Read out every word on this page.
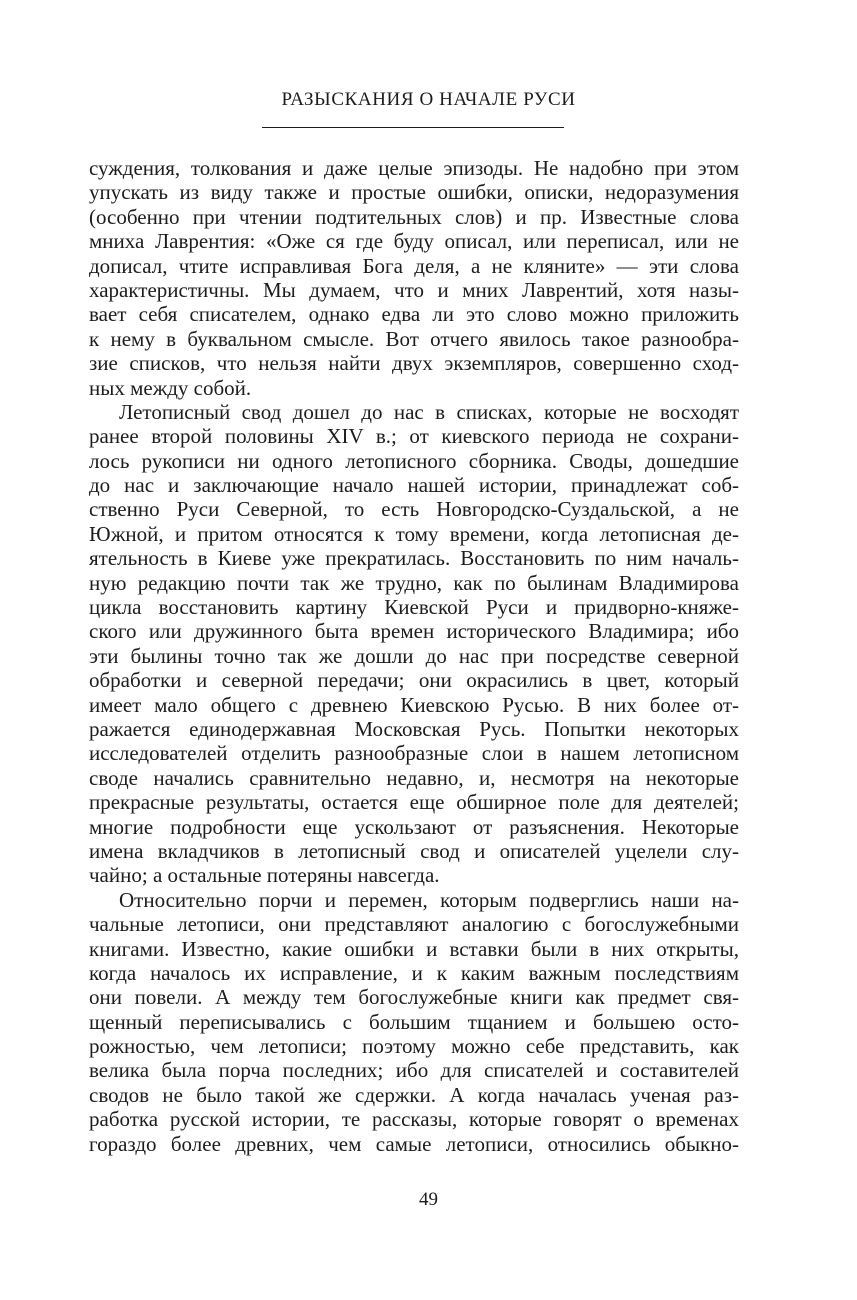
РАЗЫСКАНИЯ О НАЧАЛЕ РУСИ
суждения, толкования и даже целые эпизоды. Не надобно при этом
упускать из виду также и простые ошибки, описки, недоразумения
(особенно при чтении подтительных слов) и пр. Известные слова
мниха Лаврентия: «Оже ся где буду описал, или переписал, или не
дописал, чтите исправливая Бога деля, а не кляните» — эти слова
характеристичны. Мы думаем, что и мних Лаврентий, хотя назы-
вает себя списателем, однако едва ли это слово можно приложить
к нему в буквальном смысле. Вот отчего явилось такое разнообра-
зие списков, что нельзя найти двух экземпляров, совершенно сход-
ных между собой.
Летописный свод дошел до нас в списках, которые не восходят
ранее второй половины XIV в.; от киевского периода не сохрани-
лось рукописи ни одного летописного сборника. Своды, дошедшие
до нас и заключающие начало нашей истории, принадлежат соб-
ственно Руси Северной, то есть Новгородско-Суздальской, а не
Южной, и притом относятся к тому времени, когда летописная де-
ятельность в Киеве уже прекратилась. Восстановить по ним началь-
ную редакцию почти так же трудно, как по былинам Владимирова
цикла восстановить картину Киевской Руси и придворно-княже-
ского или дружинного быта времен исторического Владимира; ибо
эти былины точно так же дошли до нас при посредстве северной
обработки и северной передачи; они окрасились в цвет, который
имеет мало общего с древнею Киевскою Русью. В них более от-
ражается единодержавная Московская Русь. Попытки некоторых
исследователей отделить разнообразные слои в нашем летописном
своде начались сравнительно недавно, и, несмотря на некоторые
прекрасные результаты, остается еще обширное поле для деятелей;
многие подробности еще ускользают от разъяснения. Некоторые
имена вкладчиков в летописный свод и описателей уцелели слу-
чайно; а остальные потеряны навсегда.
Относительно порчи и перемен, которым подверглись наши на-
чальные летописи, они представляют аналогию с богослужебными
книгами. Известно, какие ошибки и вставки были в них открыты,
когда началось их исправление, и к каким важным последствиям
они повели. А между тем богослужебные книги как предмет свя-
щенный переписывались с большим тщанием и большею осто-
рожностью, чем летописи; поэтому можно себе представить, как
велика была порча последних; ибо для списателей и составителей
сводов не было такой же сдержки. А когда началась ученая раз-
работка русской истории, те рассказы, которые говорят о временах
гораздо более древних, чем самые летописи, относились обыкно-
49
